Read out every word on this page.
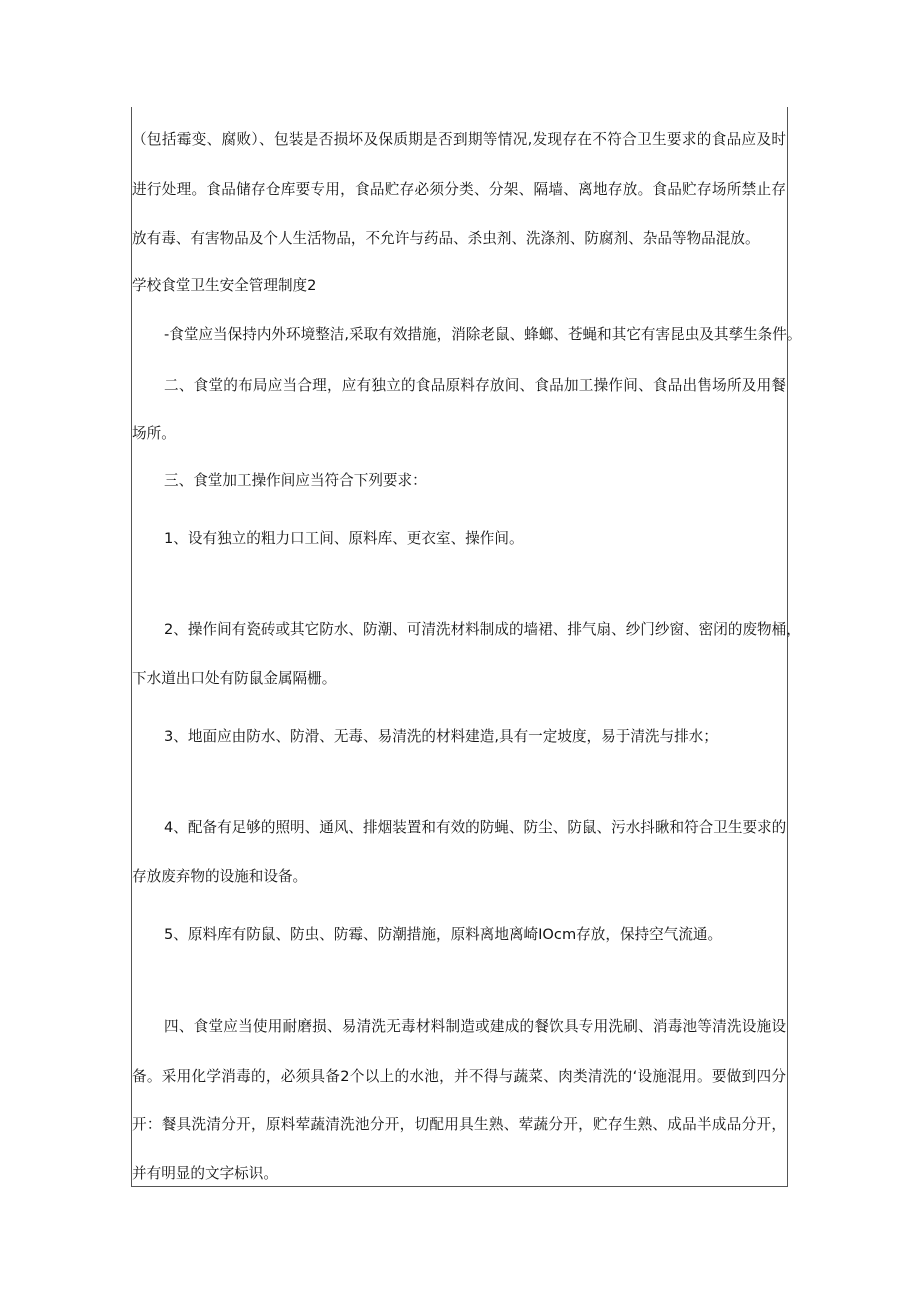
（包括霉变、腐败）、包装是否损坏及保质期是否到期等情况,发现存在不符合卫生要求的食品应及时
进行处理。食品储存仓库要专用，食品贮存必须分类、分架、隔墙、离地存放。食品贮存场所禁止存
放有毒、有害物品及个人生活物品，不允许与药品、杀虫剂、洗涤剂、防腐剂、杂品等物品混放。
学校食堂卫生安全管理制度2
-食堂应当保持内外环境整洁,采取有效措施，消除老鼠、蜂螂、苍蝇和其它有害昆虫及其孳生条件。
二、食堂的布局应当合理，应有独立的食品原料存放间、食品加工操作间、食品出售场所及用餐
场所。
三、食堂加工操作间应当符合下列要求：
1、设有独立的粗力口工间、原料库、更衣室、操作间。
2、操作间有瓷砖或其它防水、防潮、可清洗材料制成的墙裙、排气扇、纱门纱窗、密闭的废物桶，
下水道出口处有防鼠金属隔栅。
3、地面应由防水、防滑、无毒、易清洗的材料建造,具有一定坡度，易于清洗与排水；
4、配备有足够的照明、通风、排烟装置和有效的防蝇、防尘、防鼠、污水抖瞅和符合卫生要求的
存放废弃物的设施和设备。
5、原料库有防鼠、防虫、防霉、防潮措施，原料离地离崎IOcm存放，保持空气流通。
四、食堂应当使用耐磨损、易清洗无毒材料制造或建成的餐饮具专用洗刷、消毒池等清洗设施设
备。采用化学消毒的，必须具备2个以上的水池，并不得与蔬菜、肉类清洗的‘设施混用。要做到四分
开：餐具洗清分开，原料荤蔬清洗池分开，切配用具生熟、荤蔬分开，贮存生熟、成品半成品分开，
并有明显的文字标识。
